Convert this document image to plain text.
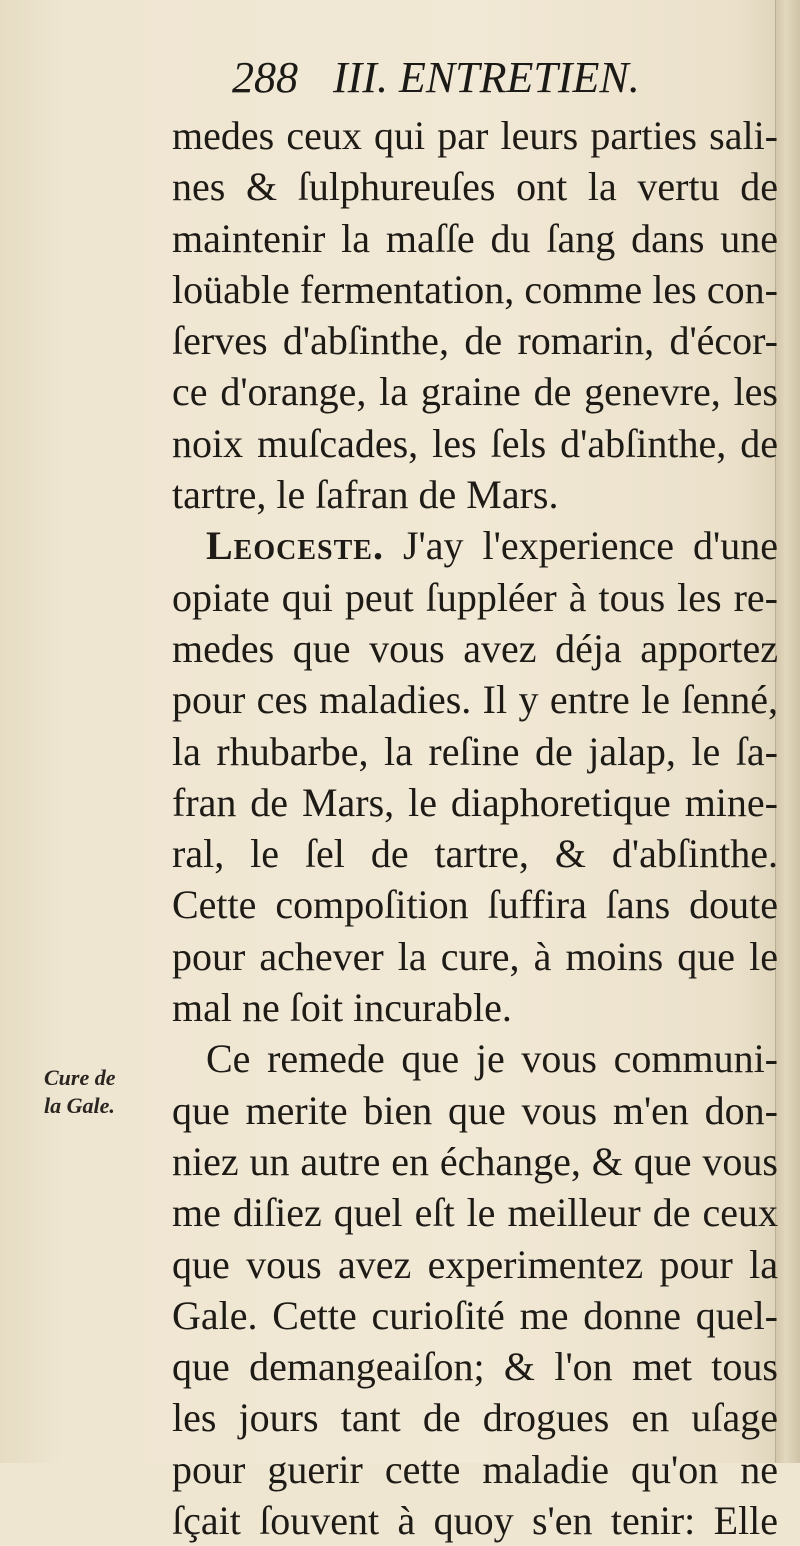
288 III. ENTRETIEN.
Cure de
la Gale.
medes ceux qui par leurs parties sali-
nes & ſulphureuſes ont la vertu de
maintenir la maſſe du ſang dans une
loüable fermentation, comme les con-
ſerves d'abſinthe, de romarin, d'écor-
ce d'orange, la graine de genevre, les
noix muſcades, les ſels d'abſinthe, de
tartre, le ſafran de Mars.
Leoceste. J'ay l'experience d'une
opiate qui peut ſuppléer à tous les re-
medes que vous avez déja apportez
pour ces maladies. Il y entre le ſenné,
la rhubarbe, la reſine de jalap, le ſa-
fran de Mars, le diaphoretique mine-
ral, le ſel de tartre, & d'abſinthe.
Cette compoſition ſuffira ſans doute
pour achever la cure, à moins que le
mal ne ſoit incurable.
Ce remede que je vous communi-
que merite bien que vous m'en don-
niez un autre en échange, & que vous
me diſiez quel eſt le meilleur de ceux
que vous avez experimentez pour la
Gale. Cette curioſité me donne quel-
que demangeaiſon; & l'on met tous
les jours tant de drogues en uſage
pour guerir cette maladie qu'on ne
ſçait ſouvent à quoy s'en tenir: Elle
